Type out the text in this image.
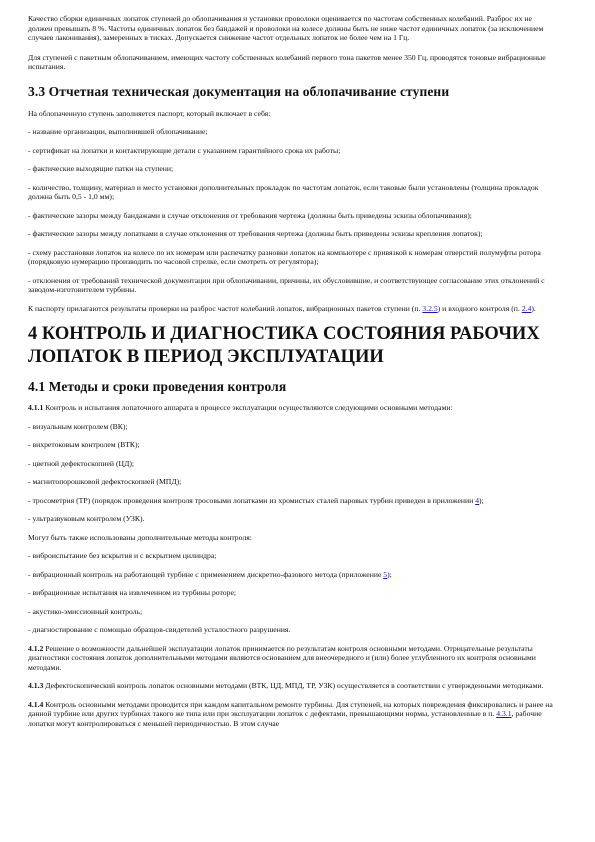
Качество сборки единичных лопаток ступеней до облопачивания и установки проволоки оценивается по частотам собственных колебаний. Разброс их не должен превышать 8 %. Частоты единичных лопаток без бандажей и проволоки на колесе должны быть не ниже частот единичных лопаток (за исключением случаев лаконивания), замеренных в тисках. Допускается снижение частот отдельных лопаток не более чем на 1 Гц.

Для ступеней с пакетным облопачиванием, имеющих частоту собственных колебаний первого тона пакетов менее 350 Гц, проводятся тоновые вибрационные испытания.

3.3 Отчетная техническая документация на облопачивание ступени

На облопаченную ступень заполняется паспорт, который включает в себя:

- название организации, выполнившей облопачивание;

- сертификат на лопатки и контактирующие детали с указанием гарантийного срока их работы;

- фактические выходящие патки на ступени;

- количество, толщину, материал и место установки дополнительных прокладок по частотам лопаток, если таковые были установлены (толщина прокладок должна быть 0,5 - 1,0 мм);

- фактические зазоры между бандажами в случае отклонения от требования чертежа (должны быть приведены эскизы облопачивания);

- фактические зазоры между лопатками в случае отклонения от требования чертежа (должны быть приведены эскизы крепления лопаток);

- схему расстановки лопаток на колесе по их номерам или распечатку разновки лопаток на компьютере с привязкой к номерам отверстий полумуфты ротора (порядковую нумерацию производить по часовой стрелке, если смотреть от регулятора);

- отклонения от требований технической документации при облопачивании, причины, их обусловившие, и соответствующее согласование этих отклонений с заводом-изготовителем турбины.

К паспорту прилагаются результаты проверки на разброс частот колебаний лопаток, вибрационных пакетов ступени (п. 3.2.5) и входного контроля (п. 2.4).

4 КОНТРОЛЬ И ДИАГНОСТИКА СОСТОЯНИЯ РАБОЧИХ ЛОПАТОК В ПЕРИОД ЭКСПЛУАТАЦИИ
4.1 Методы и сроки проведения контроля

4.1.1 Контроль и испытания лопаточного аппарата в процессе эксплуатации осуществляются следующими основными методами:

- визуальным контролем (ВК);

- вихретоковым контролем (ВТК);

- цветной дефектоскопией (ЦД);

- магнитопорошковой дефектоскопией (МПД);

- тросометрия (ТР) (порядок проведения контроля тросовыми лопатками из хромистых сталей паровых турбин приведен в приложении 4);

- ультразвуковым контролем (УЗК).

Могут быть также использованы дополнительные методы контроля:

- виброиспытание без вскрытия и с вскрытием цилиндра;

- вибрационный контроль на работающей турбине с применением дискретно-фазового метода (приложение 5);

- вибрационные испытания на извлеченном из турбины роторе;

- акустико-эмиссионный контроль;

- диагностирование с помощью образцов-свидетелей усталостного разрушения.

4.1.2 Решение о возможности дальнейшей эксплуатации лопаток принимается по результатам контроля основными методами. Отрицательные результаты диагностики состояния лопаток дополнительными методами являются основанием для внеочередного и (или) более углубленного их контроля основными методами.

4.1.3 Дефектоскопический контроль лопаток основными методами (ВТК, ЦД, МПД, ТР, УЗК) осуществляется в соответствии с утвержденными методиками.

4.1.4 Контроль основными методами проводится при каждом капитальном ремонте турбины. Для ступеней, на которых повреждения фиксировались и ранее на данной турбине или других турбинах такого же типа или при эксплуатации лопаток с дефектами, превышающими нормы, установленные в п. 4.3.1, рабочие лопатки могут контролироваться с меньшей периодичностью. В этом случае
